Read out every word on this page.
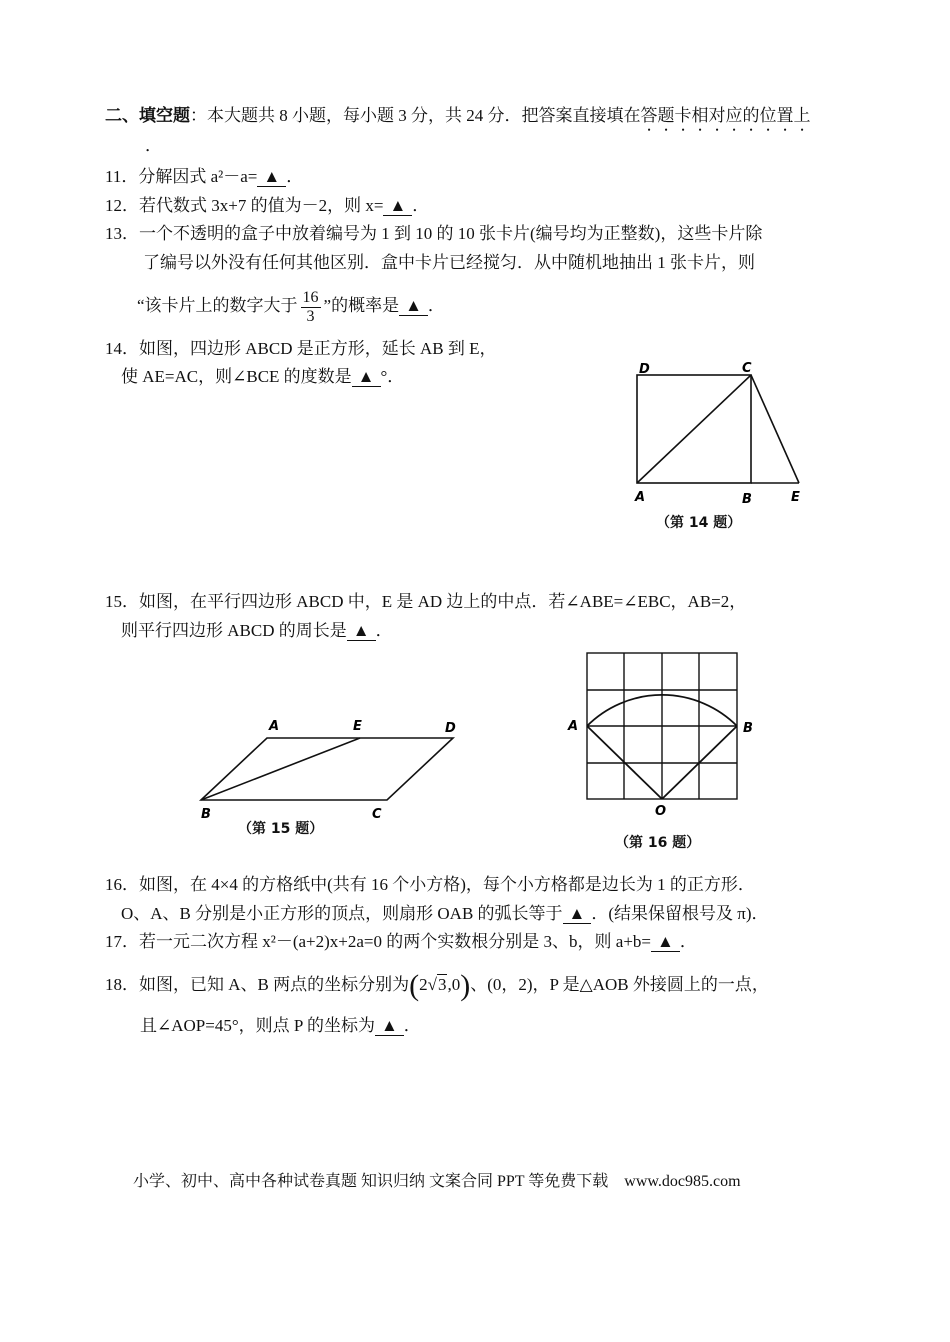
二、填空题：本大题共 8 小题，每小题 3 分，共 24 分．把答案直接填在答题卡相对应的位置上
．
11．分解因式 a²－a= ▲ ．
12．若代数式 3x+7 的值为－2，则 x= ▲ ．
13．一个不透明的盒子中放着编号为 1 到 10 的 10 张卡片(编号均为正整数)，这些卡片除
了编号以外没有任何其他区别．盒中卡片已经搅匀．从中随机地抽出 1 张卡片，则
“该卡片上的数字大于 $\frac{16}{3}$ ”的概率是 ▲ ．
14．如图，四边形 ABCD 是正方形，延长 AB 到 E，
使 AE=AC，则∠BCE 的度数是 ▲ °．	D	C
A	B	E
（第 14 题）
15．如图，在平行四边形 ABCD 中，E 是 AD 边上的中点．若∠ABE=∠EBC，AB=2，
则平行四边形 ABCD 的周长是 ▲ ．
A	E	D
B	C
（第 15 题）
A	B
O
（第 16 题）
16．如图，在 4×4 的方格纸中(共有 16 个小方格)，每个小方格都是边长为 1 的正方形．
O、A、B 分别是小正方形的顶点，则扇形 OAB 的弧长等于 ▲ ．(结果保留根号及 π)．
17．若一元二次方程 x²－(a+2)x+2a=0 的两个实数根分别是 3、b，则 a+b= ▲ ．
18．如图，已知 A、B 两点的坐标分别为(2√3,0)、(0，2)，P 是△AOB 外接圆上的一点，
且∠AOP=45°，则点 P 的坐标为 ▲ ．
小学、初中、高中各种试卷真题 知识归纳 文案合同 PPT 等免费下载　www.doc985.com
